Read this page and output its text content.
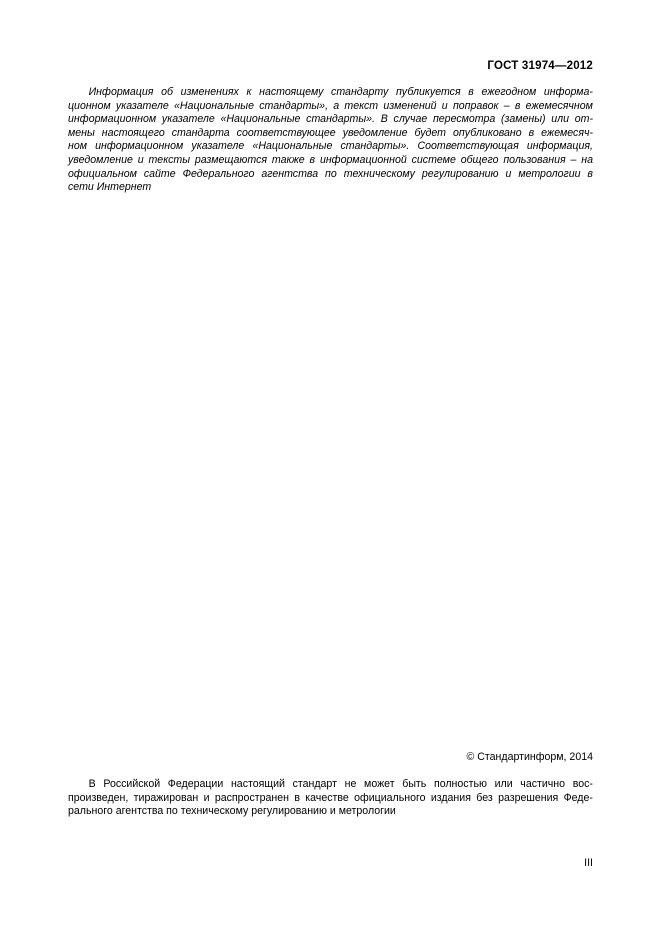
ГОСТ 31974—2012
Информация об изменениях к настоящему стандарту публикуется в ежегодном информа-
ционном указателе «Национальные стандарты», а текст изменений и поправок – в ежемесячном
информационном указателе «Национальные стандарты». В случае пересмотра (замены) или от-
мены настоящего стандарта соответствующее уведомление будет опубликовано в ежемесяч-
ном информационном указателе «Национальные стандарты». Соответствующая информация,
уведомление и тексты размещаются также в информационной системе общего пользования – на
официальном сайте Федерального агентства по техническому регулированию и метрологии в
сети Интернет
© Стандартинформ, 2014
В Российской Федерации настоящий стандарт не может быть полностью или частично вос-
произведен, тиражирован и распространен в качестве официального издания без разрешения Феде-
рального агентства по техническому регулированию и метрологии
III
